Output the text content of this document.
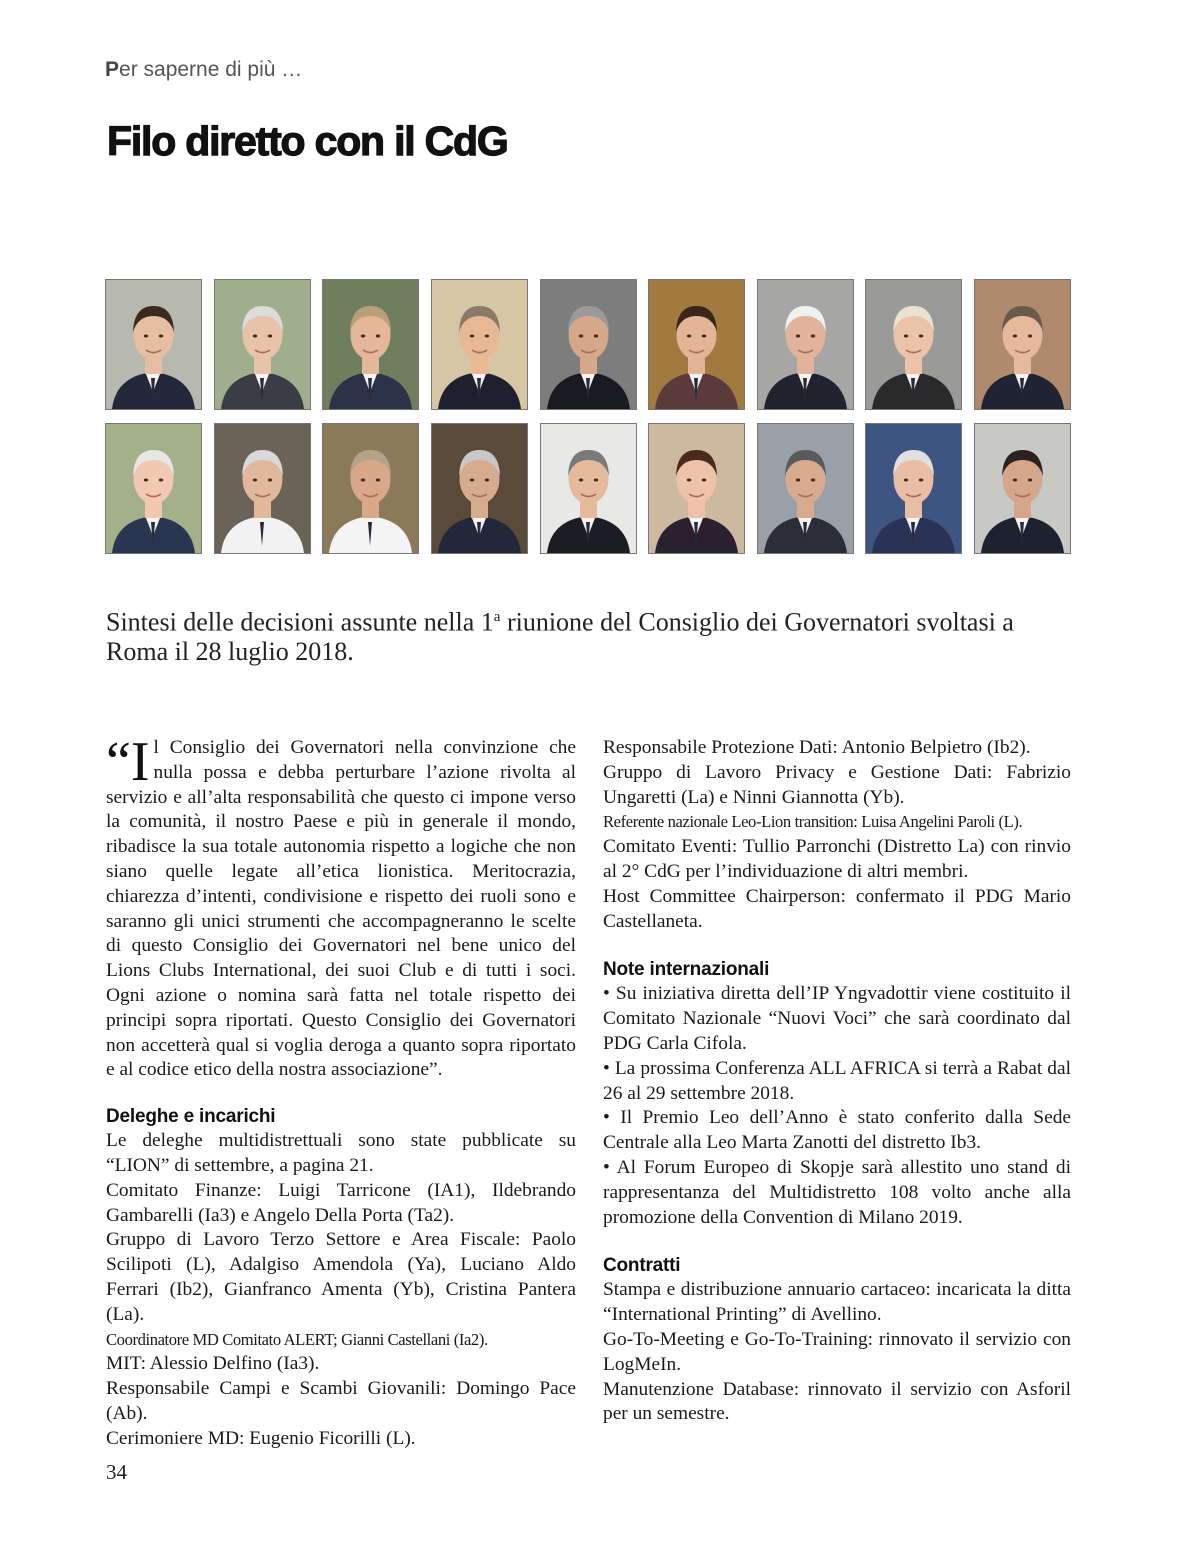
Per saperne di più …
Filo diretto con il CdG

Sintesi delle decisioni assunte nella 1$^a$ riunione del Consiglio dei Governatori svoltasi a Roma il 28 luglio 2018.

“Il Consiglio dei Governatori nella convinzione che nulla possa e debba perturbare l’azione rivolta al servizio e all’alta responsabilità che questo ci impone verso la comunità, il nostro Paese e più in generale il mondo, ribadisce la sua totale autonomia rispetto a logiche che non siano quelle legate all’etica lionistica. Meritocrazia, chiarezza d’intenti, condivisione e rispetto dei ruoli sono e saranno gli unici strumenti che accompagneranno le scelte di questo Consiglio dei Governatori nel bene unico del Lions Clubs International, dei suoi Club e di tutti i soci. Ogni azione o nomina sarà fatta nel totale rispetto dei principi sopra riportati. Questo Consiglio dei Governatori non accetterà qual si voglia deroga a quanto sopra riportato e al codice etico della nostra associazione”.

Deleghe e incarichi

Le deleghe multidistrettuali sono state pubblicate su “LION” di settembre, a pagina 21.

Comitato Finanze: Luigi Tarricone (IA1), Ildebrando Gambarelli (Ia3) e Angelo Della Porta (Ta2).

Gruppo di Lavoro Terzo Settore e Area Fiscale: Paolo Scilipoti (L), Adalgiso Amendola (Ya), Luciano Aldo Ferrari (Ib2), Gianfranco Amenta (Yb), Cristina Pantera (La).

Coordinatore MD Comitato ALERT; Gianni Castellani (Ia2).

MIT: Alessio Delfino (Ia3).

Responsabile Campi e Scambi Giovanili: Domingo Pace (Ab).

Cerimoniere MD: Eugenio Ficorilli (L).

Responsabile Protezione Dati: Antonio Belpietro (Ib2).

Gruppo di Lavoro Privacy e Gestione Dati: Fabrizio Ungaretti (La) e Ninni Giannotta (Yb).

Referente nazionale Leo-Lion transition: Luisa Angelini Paroli (L).

Comitato Eventi: Tullio Parronchi (Distretto La) con rinvio al 2° CdG per l’individuazione di altri membri.

Host Committee Chairperson: confermato il PDG Mario Castellaneta.

Note internazionali

• Su iniziativa diretta dell’IP Yngvadottir viene costituito il Comitato Nazionale “Nuovi Voci” che sarà coordinato dal PDG Carla Cifola.

• La prossima Conferenza ALL AFRICA si terrà a Rabat dal 26 al 29 settembre 2018.

• Il Premio Leo dell’Anno è stato conferito dalla Sede Centrale alla Leo Marta Zanotti del distretto Ib3.

• Al Forum Europeo di Skopje sarà allestito uno stand di rappresentanza del Multidistretto 108 volto anche alla promozione della Convention di Milano 2019.

Contratti

Stampa e distribuzione annuario cartaceo: incaricata la ditta “International Printing” di Avellino.

Go-To-Meeting e Go-To-Training: rinnovato il servizio con LogMeIn.

Manutenzione Database: rinnovato il servizio con Asforil per un semestre.

34
